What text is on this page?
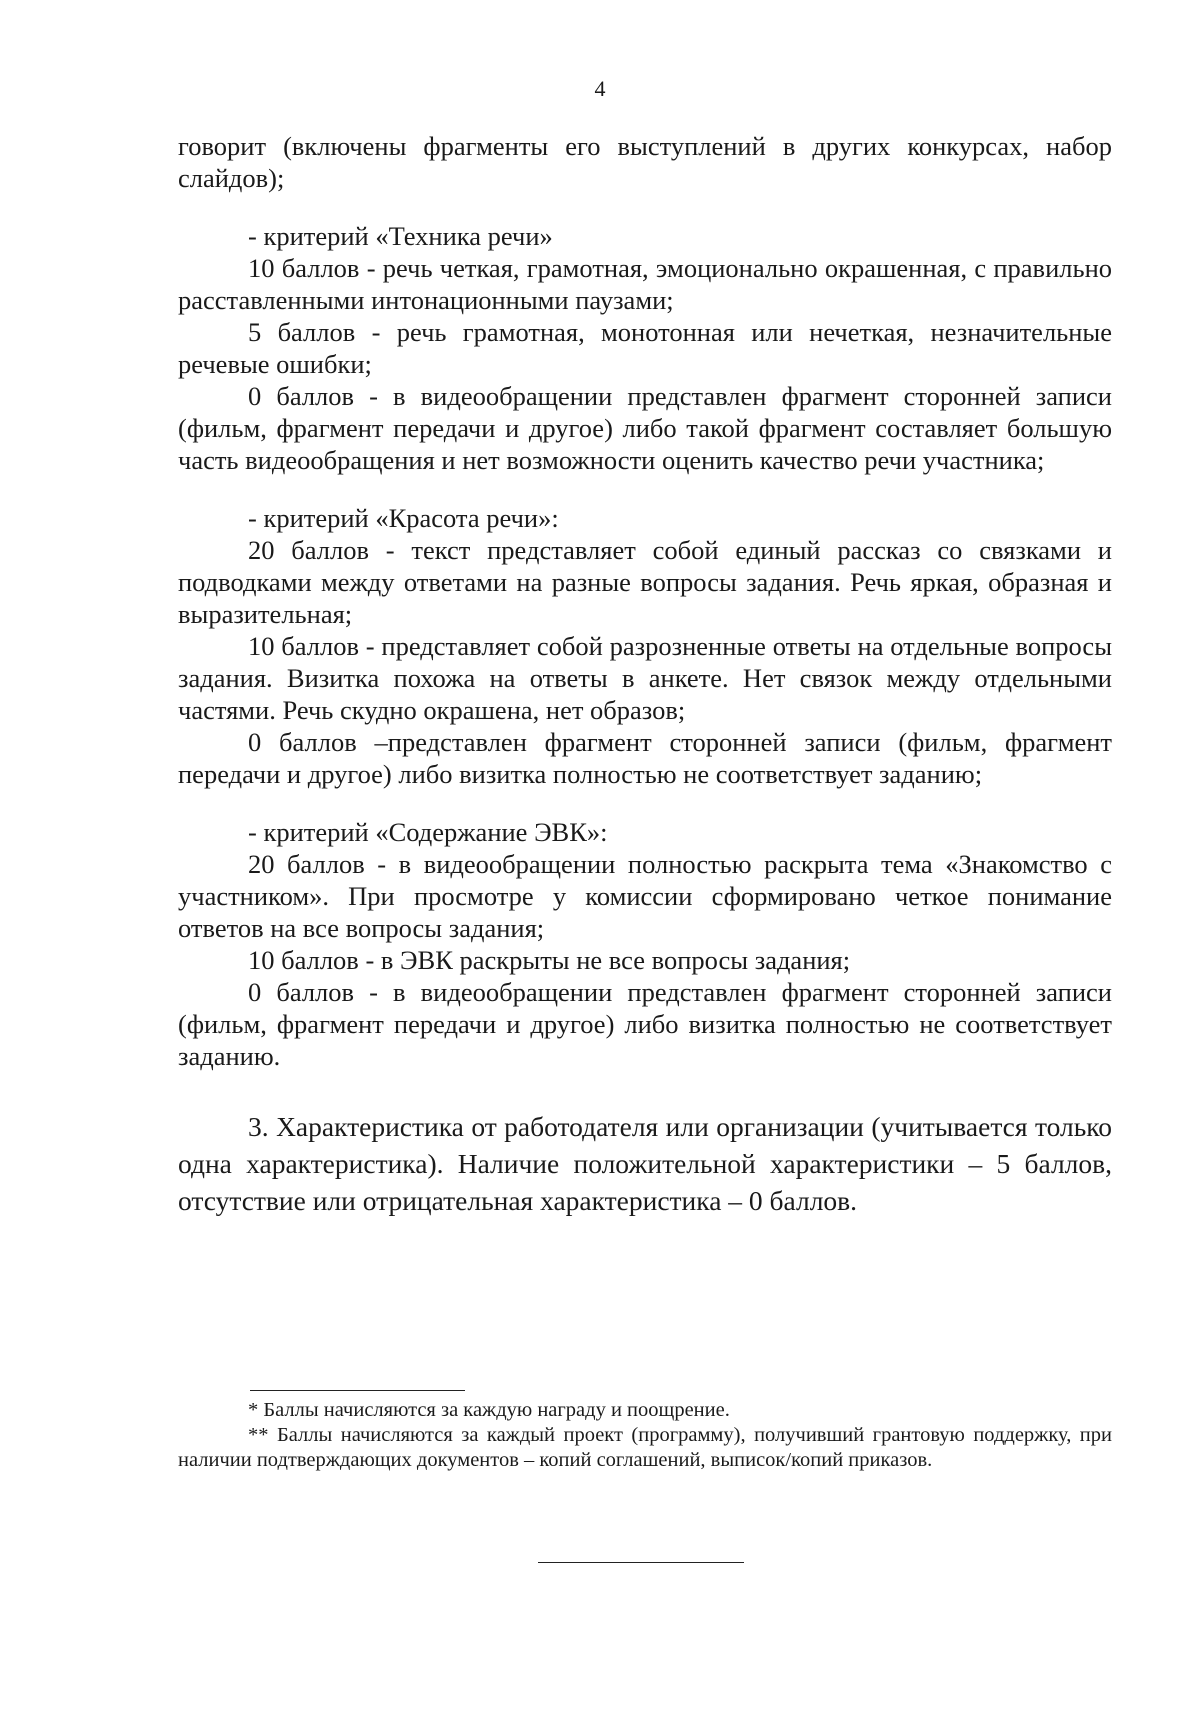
4

говорит (включены фрагменты его выступлений в других конкурсах, набор слайдов);

- критерий «Техника речи»

10 баллов - речь четкая, грамотная, эмоционально окрашенная, с правильно расставленными интонационными паузами;

5 баллов - речь грамотная, монотонная или нечеткая, незначительные речевые ошибки;

0 баллов - в видеообращении представлен фрагмент сторонней записи (фильм, фрагмент передачи и другое) либо такой фрагмент составляет большую часть видеообращения и нет возможности оценить качество речи участника;

- критерий «Красота речи»:

20 баллов - текст представляет собой единый рассказ со связками и подводками между ответами на разные вопросы задания. Речь яркая, образная и выразительная;

10 баллов - представляет собой разрозненные ответы на отдельные вопросы задания. Визитка похожа на ответы в анкете. Нет связок между отдельными частями. Речь скудно окрашена, нет образов;

0 баллов –представлен фрагмент сторонней записи (фильм, фрагмент передачи и другое) либо визитка полностью не соответствует заданию;

- критерий «Содержание ЭВК»:

20 баллов - в видеообращении полностью раскрыта тема «Знакомство с участником». При просмотре у комиссии сформировано четкое понимание ответов на все вопросы задания;

10 баллов - в ЭВК раскрыты не все вопросы задания;

0 баллов - в видеообращении представлен фрагмент сторонней записи (фильм, фрагмент передачи и другое) либо визитка полностью не соответствует заданию.

3. Характеристика от работодателя или организации (учитывается только одна характеристика). Наличие положительной характеристики – 5 баллов, отсутствие или отрицательная характеристика – 0 баллов.

* Баллы начисляются за каждую награду и поощрение.

** Баллы начисляются за каждый проект (программу), получивший грантовую поддержку, при наличии подтверждающих документов – копий соглашений, выписок/копий приказов.
